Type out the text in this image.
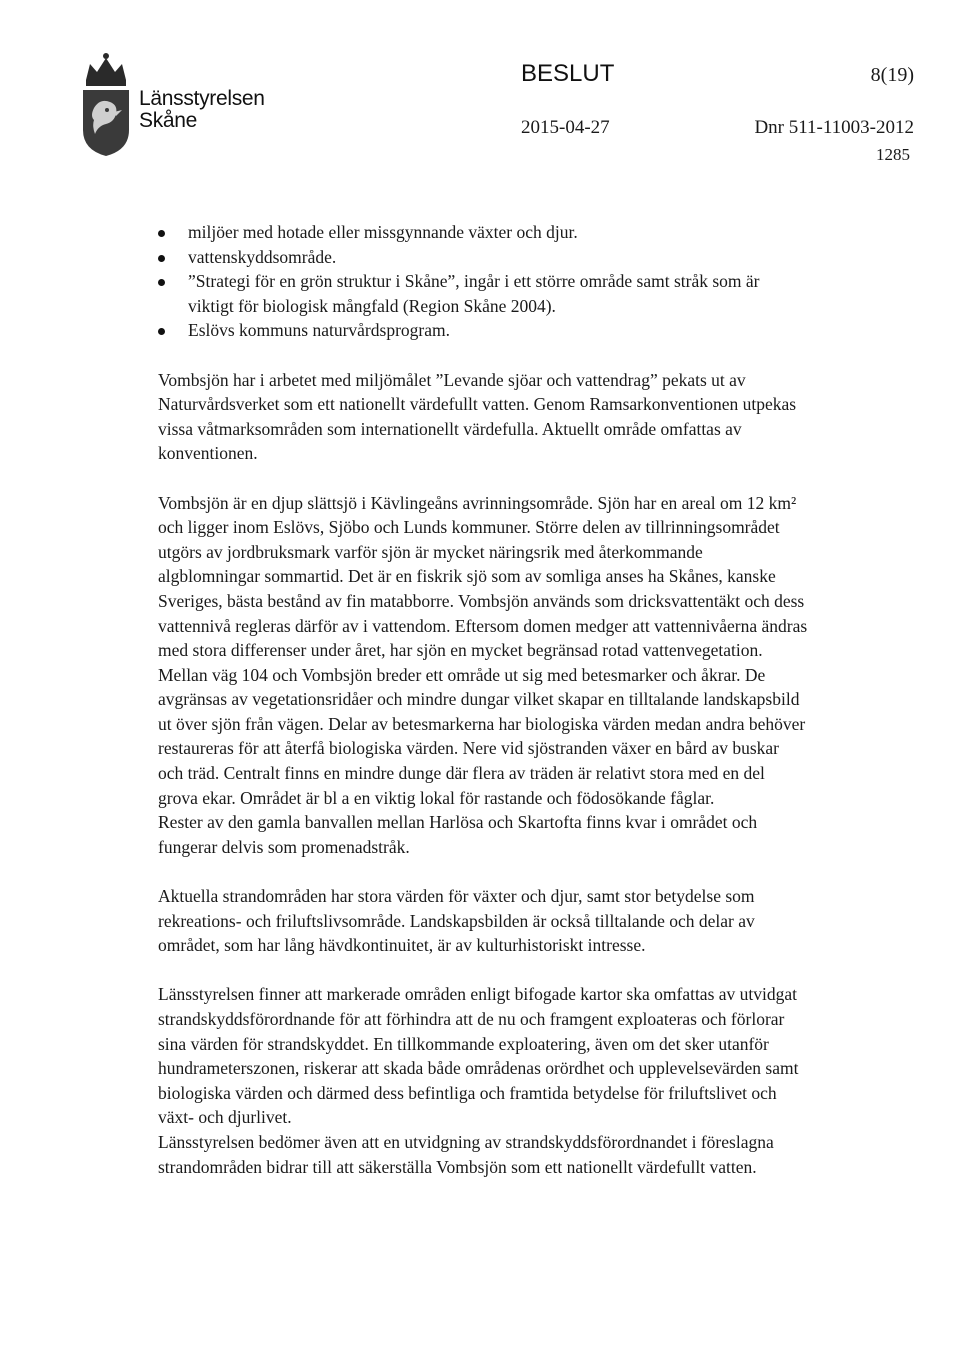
Länsstyrelsen
Skåne
BESLUT	8(19)
2015-04-27	Dnr 511-11003-2012
1285
miljöer med hotade eller missgynnande växter och djur.
vattenskyddsområde.
”Strategi för en grön struktur i Skåne”, ingår i ett större område samt stråk som är viktigt för biologisk mångfald (Region Skåne 2004).
Eslövs kommuns naturvårdsprogram.

Vombsjön har i arbetet med miljömålet ”Levande sjöar och vattendrag” pekats ut av Naturvårdsverket som ett nationellt värdefullt vatten. Genom Ramsarkonventionen utpekas vissa våtmarksområden som internationellt värdefulla. Aktuellt område omfattas av konventionen.

Vombsjön är en djup slättsjö i Kävlingeåns avrinningsområde. Sjön har en areal om 12 km² och ligger inom Eslövs, Sjöbo och Lunds kommuner. Större delen av tillrinningsområdet utgörs av jordbruksmark varför sjön är mycket näringsrik med återkommande algblomningar sommartid. Det är en fiskrik sjö som av somliga anses ha Skånes, kanske Sveriges, bästa bestånd av fin matabborre. Vombsjön används som dricksvattentäkt och dess vattennivå regleras därför av i vattendom. Eftersom domen medger att vattennivåerna ändras med stora differenser under året, har sjön en mycket begränsad rotad vattenvegetation.

Mellan väg 104 och Vombsjön breder ett område ut sig med betesmarker och åkrar. De avgränsas av vegetationsridåer och mindre dungar vilket skapar en tilltalande landskapsbild ut över sjön från vägen. Delar av betesmarkerna har biologiska värden medan andra behöver restaureras för att återfå biologiska värden. Nere vid sjöstranden växer en bård av buskar och träd. Centralt finns en mindre dunge där flera av träden är relativt stora med en del grova ekar. Området är bl a en viktig lokal för rastande och födosökande fåglar.

Rester av den gamla banvallen mellan Harlösa och Skartofta finns kvar i området och fungerar delvis som promenadstråk.

Aktuella strandområden har stora värden för växter och djur, samt stor betydelse som rekreations- och friluftslivsområde. Landskapsbilden är också tilltalande och delar av området, som har lång hävdkontinuitet, är av kulturhistoriskt intresse.

Länsstyrelsen finner att markerade områden enligt bifogade kartor ska omfattas av utvidgat strandskyddsförordnande för att förhindra att de nu och framgent exploateras och förlorar sina värden för strandskyddet. En tillkommande exploatering, även om det sker utanför hundrameterszonen, riskerar att skada både områdenas orördhet och upplevelsevärden samt biologiska värden och därmed dess befintliga och framtida betydelse för friluftslivet och växt- och djurlivet.

Länsstyrelsen bedömer även att en utvidgning av strandskyddsförordnandet i föreslagna strandområden bidrar till att säkerställa Vombsjön som ett nationellt värdefullt vatten.
